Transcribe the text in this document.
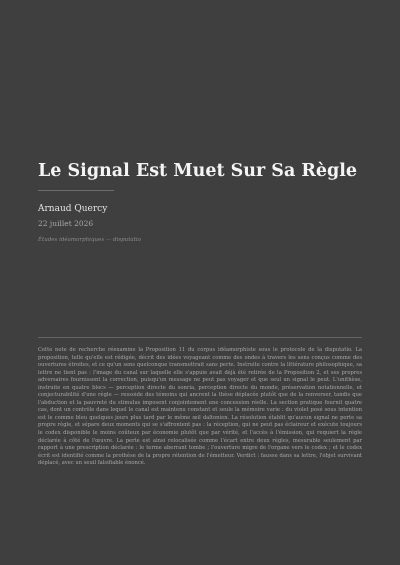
Le Signal Est Muet Sur Sa Règle
Arnaud Quercy
22 juillet 2026
Études idéamorphiques — disputatio

Cette note de recherche réexamine la Proposition 11 du corpus idéamorphiste sous le protocole de la disputatio. La proposition, telle qu'elle est rédigée, décrit des idées voyageant comme des ondes à travers les sens conçus comme des ouvertures étroites, et ce qu'un sens quelconque transmettrait sans perte. Instruite contre la littérature philosophique, sa lettre ne tient pas : l'image du canal sur laquelle elle s'appuie avait déjà été retirée de la Proposition 2, et ses propres adversaires fournissent la correction, puisqu'un message ne peut pas voyager et que seul un signal le peut. L'unithèse, instruite en quatre blocs — perception directe du sonria, perception directe du monde, préservation notationnelle, et conjecturabilité d'une règle — ressoide des témoins qui ancrent la thèse déplacée plutôt que de la renverser, tandis que l'abduction et la pauvreté du stimulus imposent conjointement une concession réelle. La section pratique fournit quatre cas, dont un contrôle dans lequel le canal est maintenu constant et seule la mémoire varie : du violet posé sous intention est le comme bleu quelques jours plus tard par le même œil daltonien. La résolution établit qu'aucun signal ne porte sa propre règle, et sépare deux moments qui se s'affrontent pas : la réception, qui ne peut pas éclaireur et exécute toujours le codex disponible le moins coûteux par économie plutôt que par vérité, et l'accès à l'émission, qui requiert la règle déclarée à côté de l'œuvre. La perte est ainsi relocalisée comme l'écart entre deux règles, mesurable seulement par rapport à une prescription déclarée : le terme aberrant tombe ; l'ouverture migre de l'organe vers le codex ; et le codex écrit est identifié comme la prothèse de la propre rétention de l'émetteur. Verdict : fausse dans sa lettre, l'objet survivant déplacé, avec un seuil falsifiable énoncé.
